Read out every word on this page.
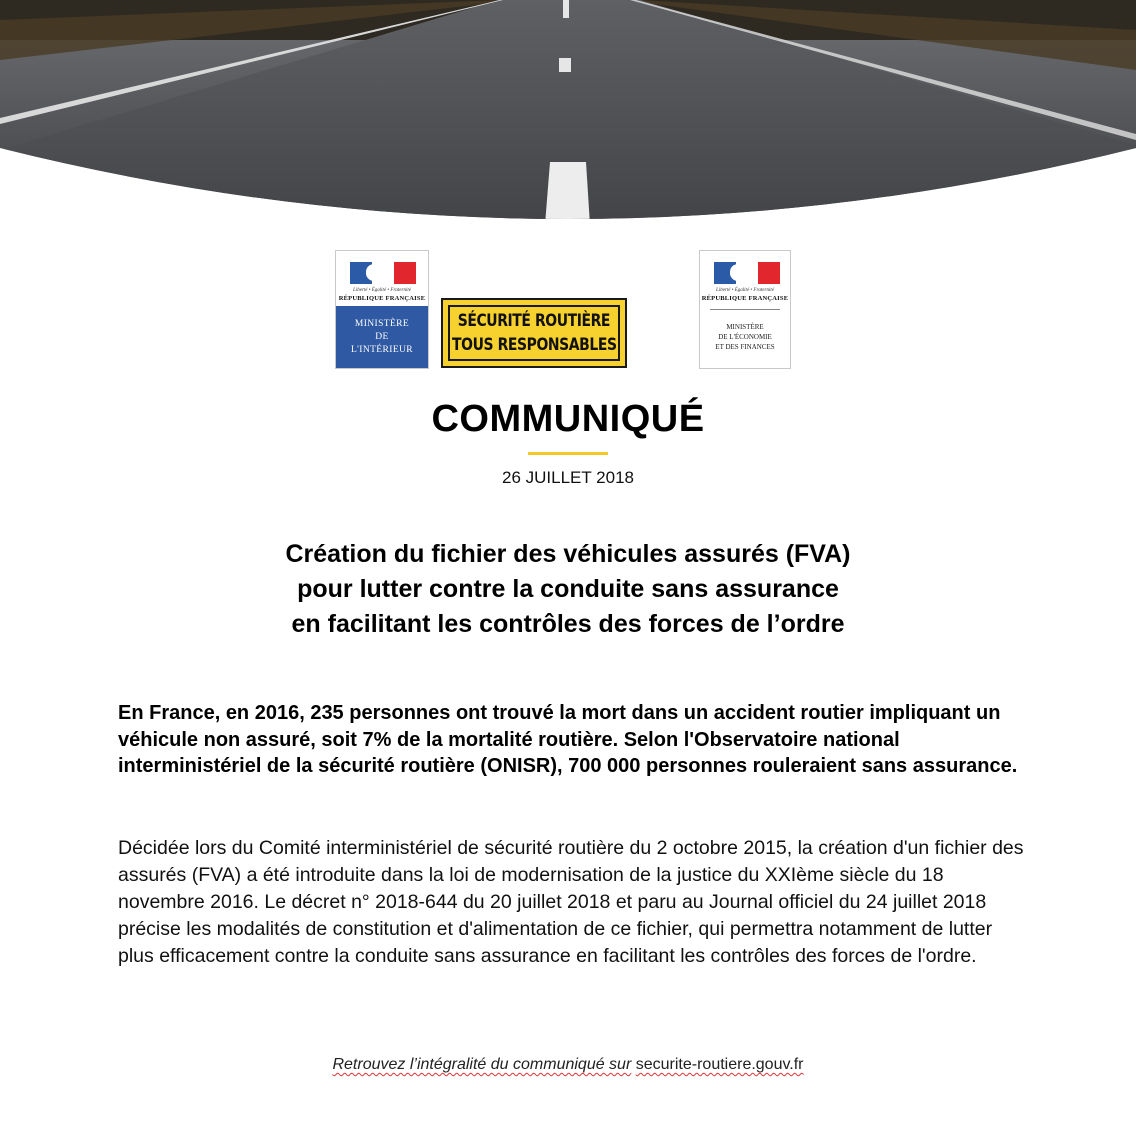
Liberté • Égalité • Fraternité
RÉPUBLIQUE FRANÇAISE
MINISTÈRE
DE
L'INTÉRIEUR
SÉCURITÉ ROUTIÈRE
TOUS RESPONSABLES
Liberté • Égalité • Fraternité
RÉPUBLIQUE FRANÇAISE
MINISTÈRE
DE L'ÉCONOMIE
ET DES FINANCES
COMMUNIQUÉ
26 JUILLET 2018
Création du fichier des véhicules assurés (FVA)
pour lutter contre la conduite sans assurance
en facilitant les contrôles des forces de l’ordre
En France, en 2016, 235 personnes ont trouvé la mort dans un accident routier impliquant un véhicule non assuré, soit 7% de la mortalité routière. Selon l'Observatoire national interministériel de la sécurité routière (ONISR), 700 000 personnes rouleraient sans assurance.
Décidée lors du Comité interministériel de sécurité routière du 2 octobre 2015, la création d'un fichier des assurés (FVA) a été introduite dans la loi de modernisation de la justice du XXIème siècle du 18 novembre 2016. Le décret n° 2018-644 du 20 juillet 2018 et paru au Journal officiel du 24 juillet 2018 précise les modalités de constitution et d'alimentation de ce fichier, qui permettra notamment de lutter plus efficacement contre la conduite sans assurance en facilitant les contrôles des forces de l'ordre.
Retrouvez l’intégralité du communiqué sur securite-routiere.gouv.fr
